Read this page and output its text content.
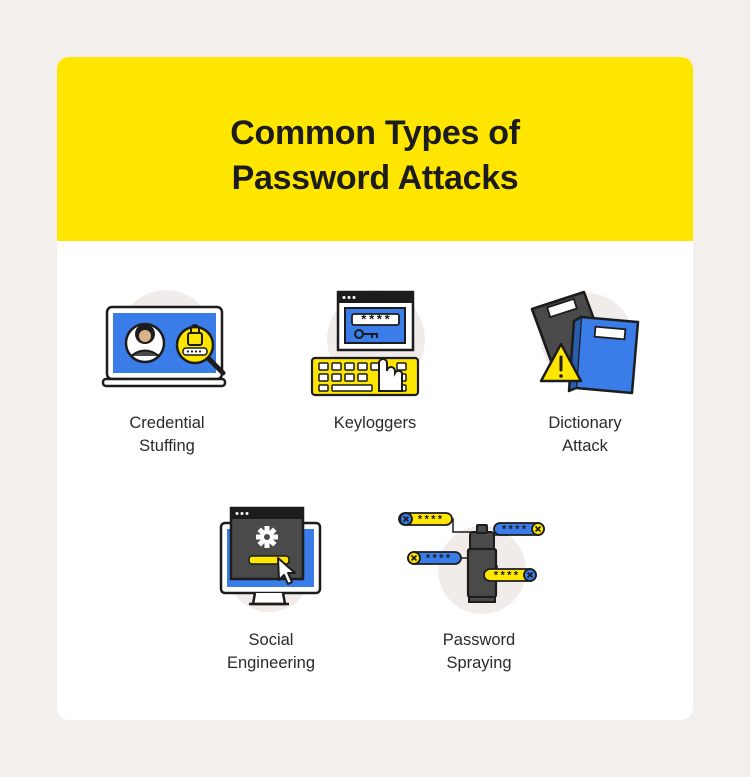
Common Types of
Password Attacks
Credential
Stuffing
****
Keyloggers	Dictionary
Attack
Social
Engineering
****
****
****
****
Password
Spraying
